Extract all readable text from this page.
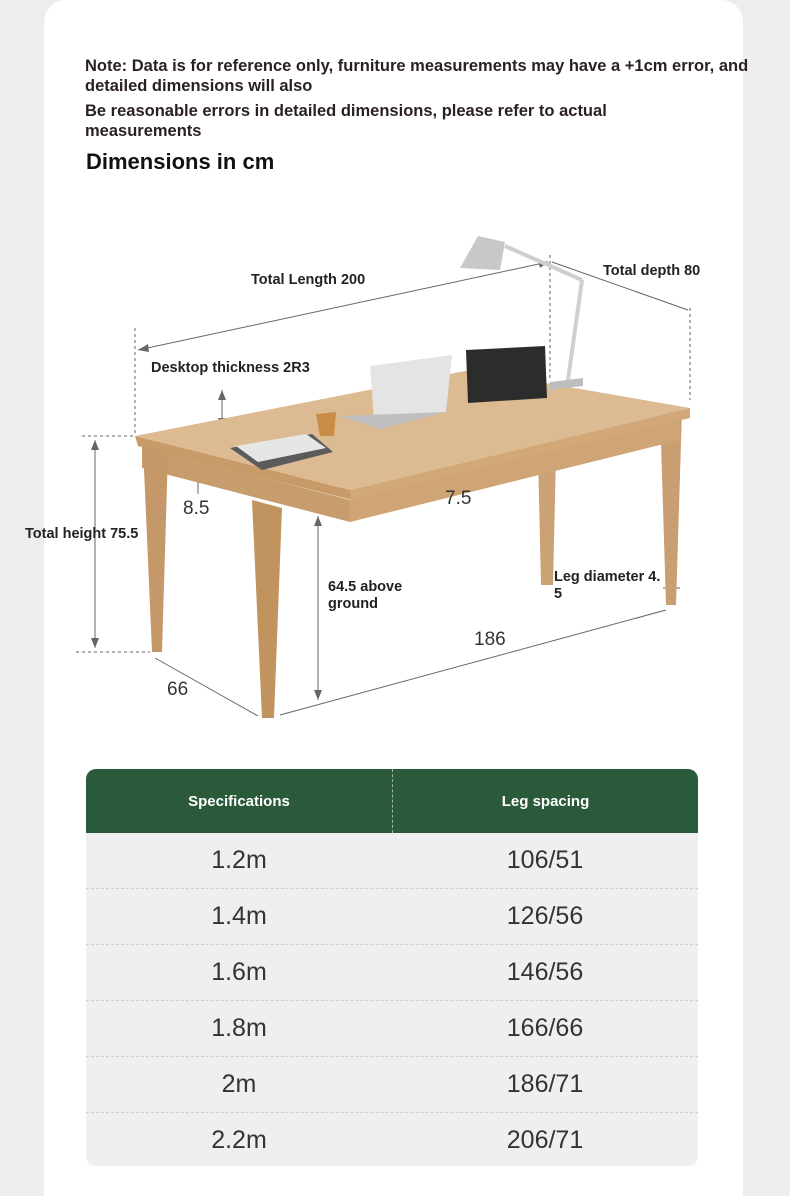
Note: Data is for reference only, furniture measurements may have a +1cm error, and detailed dimensions will also
Be reasonable errors in detailed dimensions, please refer to actual measurements
Dimensions in cm
Total Length 200
Total depth 80
Desktop thickness 2R3
8.5	7.5
Total height 75.5
64.5 above ground
Leg diameter 4. 5
186
66
Specifications	Leg spacing
1.2m	106/51
1.4m	126/56
1.6m	146/56
1.8m	166/66
2m	186/71
2.2m	206/71
